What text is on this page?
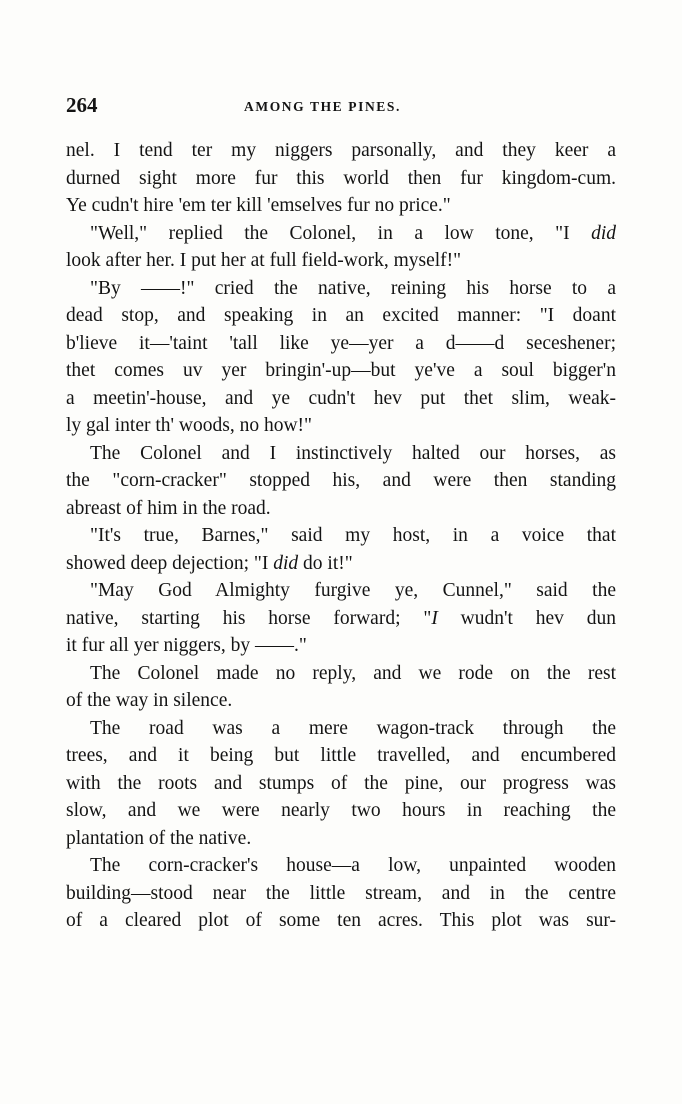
264	AMONG THE PINES.
nel. I tend ter my niggers parsonally, and they keer a
durned sight more fur this world then fur kingdom-cum.
Ye cudn't hire 'em ter kill 'emselves fur no price."
"Well," replied the Colonel, in a low tone, "I did
look after her. I put her at full field-work, myself!"
"By ——!" cried the native, reining his horse to a
dead stop, and speaking in an excited manner: "I doant
b'lieve it—'taint 'tall like ye—yer a d——d seceshener;
thet comes uv yer bringin'-up—but ye've a soul bigger'n
a meetin'-house, and ye cudn't hev put thet slim, weak-
ly gal inter th' woods, no how!"
The Colonel and I instinctively halted our horses, as
the "corn-cracker" stopped his, and were then standing
abreast of him in the road.
"It's true, Barnes," said my host, in a voice that
showed deep dejection; "I did do it!"
"May God Almighty furgive ye, Cunnel," said the
native, starting his horse forward; "I wudn't hev dun
it fur all yer niggers, by ——."
The Colonel made no reply, and we rode on the rest
of the way in silence.
The road was a mere wagon-track through the
trees, and it being but little travelled, and encumbered
with the roots and stumps of the pine, our progress was
slow, and we were nearly two hours in reaching the
plantation of the native.
The corn-cracker's house—a low, unpainted wooden
building—stood near the little stream, and in the centre
of a cleared plot of some ten acres. This plot was sur-
